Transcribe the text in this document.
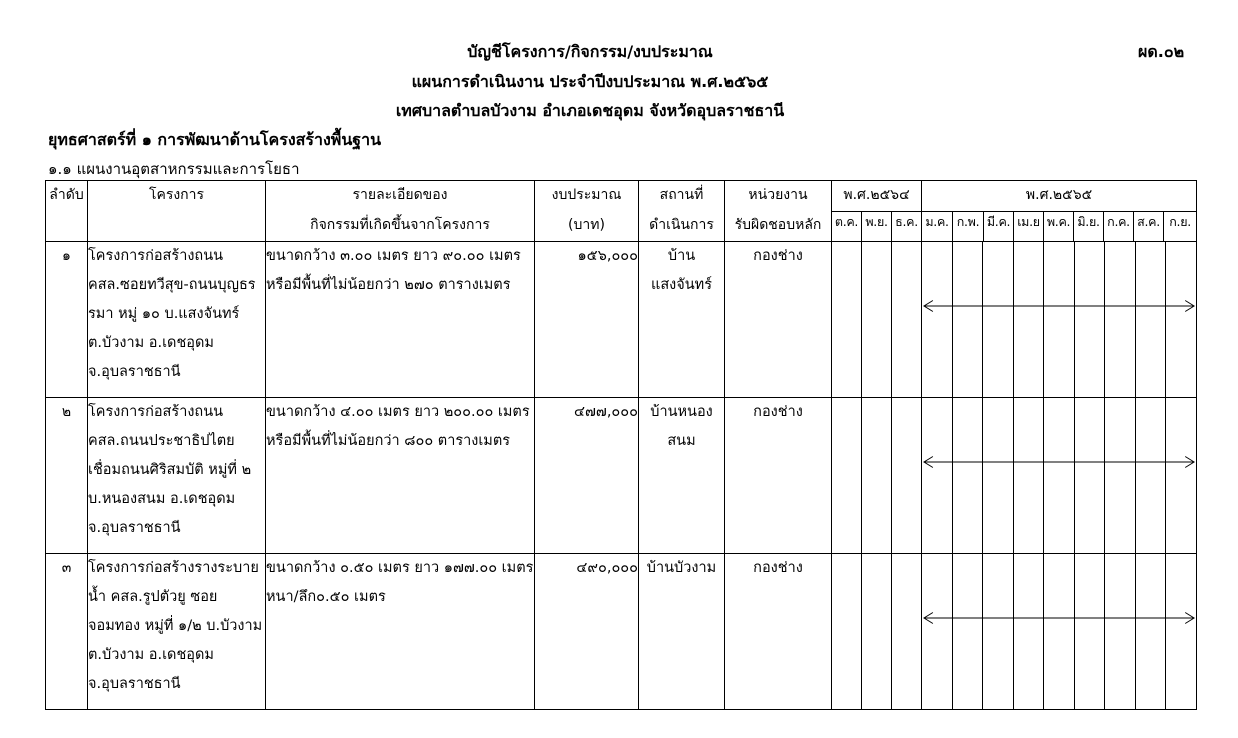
บัญชีโครงการ/กิจกรรม/งบประมาณ
แผนการดำเนินงาน ประจำปีงบประมาณ พ.ศ.๒๕๖๕
เทศบาลตำบลบัวงาม อำเภอเดชอุดม จังหวัดอุบลราชธานี
ผด.๐๒
ยุทธศาสตร์ที่ ๑ การพัฒนาด้านโครงสร้างพื้นฐาน
๑.๑ แผนงานอุตสาหกรรมและการโยธา
ลำดับ	โครงการ	รายละเอียดของ	งบประมาณ	สถานที่	หน่วยงาน	พ.ศ.๒๕๖๔	พ.ศ.๒๕๖๕
กิจกรรมที่เกิดขึ้นจากโครงการ	(บาท)	ดำเนินการ	รับผิดชอบหลัก	ต.ค.	พ.ย.	ธ.ค.	ม.ค.	ก.พ.	มี.ค.	เม.ย	พ.ค.	มิ.ย.	ก.ค.	ส.ค.	ก.ย.
๑	โครงการก่อสร้างถนน คสล.ซอยทวีสุข-ถนนบุญธรรมา หมู่ ๑๐ บ.แสงจันทร์ ต.บัวงาม อ.เดชอุดม จ.อุบลราชธานี	ขนาดกว้าง ๓.๐๐ เมตร ยาว ๙๐.๐๐ เมตร หรือมีพื้นที่ไม่น้อยกว่า ๒๗๐ ตารางเมตร	๑๕๖,๐๐๐	บ้านแสงจันทร์	กองช่าง				

๒	โครงการก่อสร้างถนน คสล.ถนนประชาธิปไตยเชื่อมถนนศิริสมบัติ หมู่ที่ ๒ บ.หนองสนม อ.เดชอุดม จ.อุบลราชธานี	ขนาดกว้าง ๔.๐๐ เมตร ยาว ๒๐๐.๐๐ เมตร หรือมีพื้นที่ไม่น้อยกว่า ๘๐๐ ตารางเมตร	๔๗๗,๐๐๐	บ้านหนองสนม	กองช่าง				

๓	โครงการก่อสร้างรางระบายน้ำ คสล.รูปตัวยู ซอยจอมทอง หมู่ที่ ๑/๒ บ.บัวงาม ต.บัวงาม อ.เดชอุดม จ.อุบลราชธานี	ขนาดกว้าง ๐.๕๐ เมตร ยาว ๑๗๗.๐๐ เมตร หนา/ลึก๐.๕๐ เมตร	๔๙๐,๐๐๐	บ้านบัวงาม	กองช่าง				
